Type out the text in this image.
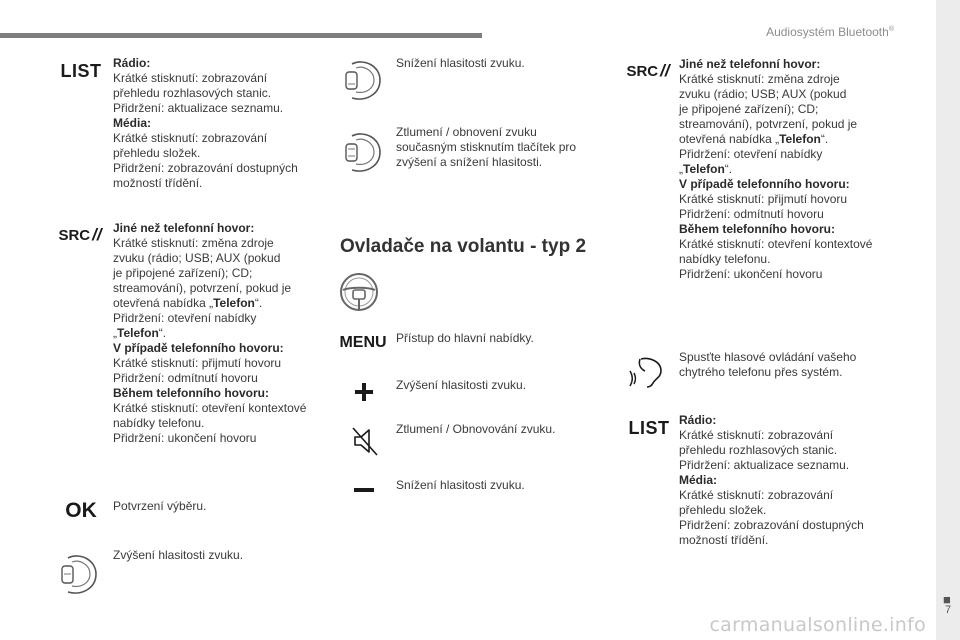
Audiosystém Bluetooth®
■
7
LIST Rádio:
Krátké stisknutí: zobrazování
přehledu rozhlasových stanic.
Přidržení: aktualizace seznamu.
Média:
Krátké stisknutí: zobrazování
přehledu složek.
Přidržení: zobrazování dostupných
možností třídění.
SRC // Jiné než telefonní hovor:
Krátké stisknutí: změna zdroje
zvuku (rádio; USB; AUX (pokud
je připojené zařízení); CD;
streamování), potvrzení, pokud je
otevřená nabídka „Telefon“.
Přidržení: otevření nabídky
„Telefon“.
V případě telefonního hovoru:
Krátké stisknutí: přijmutí hovoru
Přidržení: odmítnutí hovoru
Během telefonního hovoru:
Krátké stisknutí: otevření kontextové
nabídky telefonu.
Přidržení: ukončení hovoru
OK Potvrzení výběru.
Zvýšení hlasitosti zvuku.
Snížení hlasitosti zvuku.
Ztlumení / obnovení zvuku
současným stisknutím tlačítek pro
zvýšení a snížení hlasitosti.
Ovladače na volantu - typ 2
MENU Přístup do hlavní nabídky.
Zvýšení hlasitosti zvuku.
Ztlumení / Obnovování zvuku.
Snížení hlasitosti zvuku.
SRC // Jiné než telefonní hovor:
Krátké stisknutí: změna zdroje
zvuku (rádio; USB; AUX (pokud
je připojené zařízení); CD;
streamování), potvrzení, pokud je
otevřená nabídka „Telefon“.
Přidržení: otevření nabídky
„Telefon“.
V případě telefonního hovoru:
Krátké stisknutí: přijmutí hovoru
Přidržení: odmítnutí hovoru
Během telefonního hovoru:
Krátké stisknutí: otevření kontextové
nabídky telefonu.
Přidržení: ukončení hovoru
Spusťte hlasové ovládání vašeho
chytrého telefonu přes systém.
LIST Rádio:
Krátké stisknutí: zobrazování
přehledu rozhlasových stanic.
Přidržení: aktualizace seznamu.
Média:
Krátké stisknutí: zobrazování
přehledu složek.
Přidržení: zobrazování dostupných
možností třídění.
carmanualsonline.info
